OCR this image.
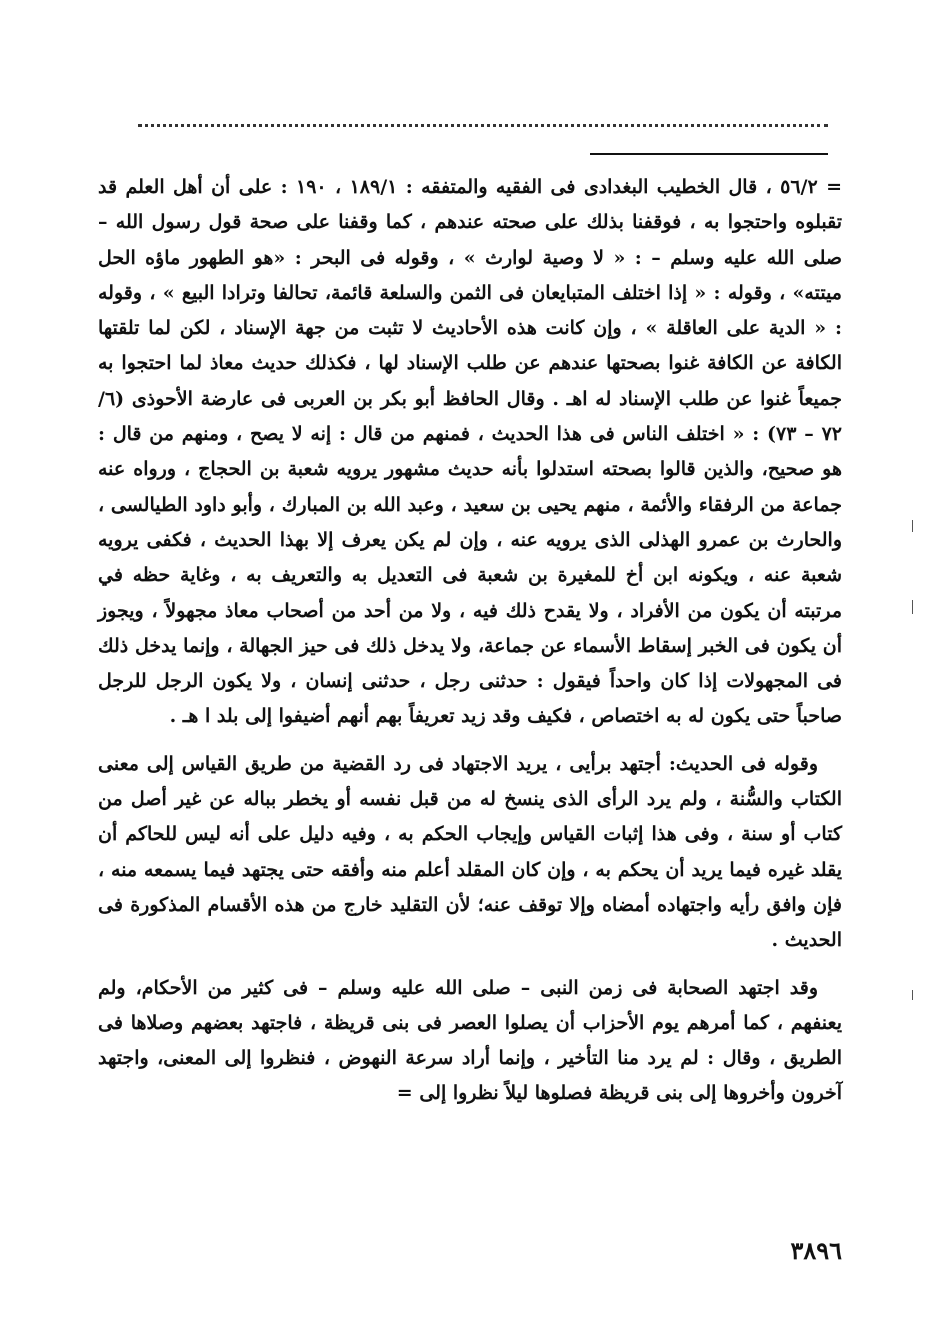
= ٥٦/٢ ، قال الخطيب البغدادى فى الفقيه والمتفقه : ١٨٩/١ ، ١٩٠ : على أن أهل العلم قد تقبلوه واحتجوا به ، فوقفنا بذلك على صحته عندهم ، كما وقفنا على صحة قول رسول الله – صلى الله عليه وسلم – : « لا وصية لوارث » ، وقوله فى البحر : «هو الطهور ماؤه الحل ميتته» ، وقوله : « إذا اختلف المتبايعان فى الثمن والسلعة قائمة، تحالفا وترادا البيع » ، وقوله : « الدية على العاقلة » ، وإن كانت هذه الأحاديث لا تثبت من جهة الإسناد ، لكن لما تلقتها الكافة عن الكافة غنوا بصحتها عندهم عن طلب الإسناد لها ، فكذلك حديث معاذ لما احتجوا به جميعاً غنوا عن طلب الإسناد له اهـ . وقال الحافظ أبو بكر بن العربى فى عارضة الأحوذى (٦/ ٧٢ – ٧٣) : « اختلف الناس فى هذا الحديث ، فمنهم من قال : إنه لا يصح ، ومنهم من قال : هو صحيح، والذين قالوا بصحته استدلوا بأنه حديث مشهور يرويه شعبة بن الحجاج ، ورواه عنه جماعة من الرفقاء والأئمة ، منهم يحيى بن سعيد ، وعبد الله بن المبارك ، وأبو داود الطيالسى ، والحارث بن عمرو الهذلى الذى يرويه عنه ، وإن لم يكن يعرف إلا بهذا الحديث ، فكفى يرويه شعبة عنه ، ويكونه ابن أخ للمغيرة بن شعبة فى التعديل به والتعريف به ، وغاية حظه في مرتبته أن يكون من الأفراد ، ولا يقدح ذلك فيه ، ولا من أحد من أصحاب معاذ مجهولاً ، ويجوز أن يكون فى الخبر إسقاط الأسماء عن جماعة، ولا يدخل ذلك فى حيز الجهالة ، وإنما يدخل ذلك فى المجهولات إذا كان واحداً فيقول : حدثنى رجل ، حدثنى إنسان ، ولا يكون الرجل للرجل صاحباً حتى يكون له به اختصاص ، فكيف وقد زيد تعريفاً بهم أنهم أضيفوا إلى بلد ا هـ .

وقوله فى الحديث: أجتهد برأيى ، يريد الاجتهاد فى رد القضية من طريق القياس إلى معنى الكتاب والسُّنة ، ولم يرد الرأى الذى ينسخ له من قبل نفسه أو يخطر بباله عن غير أصل من كتاب أو سنة ، وفى هذا إثبات القياس وإيجاب الحكم به ، وفيه دليل على أنه ليس للحاكم أن يقلد غيره فيما يريد أن يحكم به ، وإن كان المقلد أعلم منه وأفقه حتى يجتهد فيما يسمعه منه ، فإن وافق رأيه واجتهاده أمضاه وإلا توقف عنه؛ لأن التقليد خارج من هذه الأقسام المذكورة فى الحديث .

وقد اجتهد الصحابة فى زمن النبى – صلى الله عليه وسلم – فى كثير من الأحكام، ولم يعنفهم ، كما أمرهم يوم الأحزاب أن يصلوا العصر فى بنى قريظة ، فاجتهد بعضهم وصلاها فى الطريق ، وقال : لم يرد منا التأخير ، وإنما أراد سرعة النهوض ، فنظروا إلى المعنى، واجتهد آخرون وأخروها إلى بنى قريظة فصلوها ليلاً نظروا إلى =

٣٨٩٦
